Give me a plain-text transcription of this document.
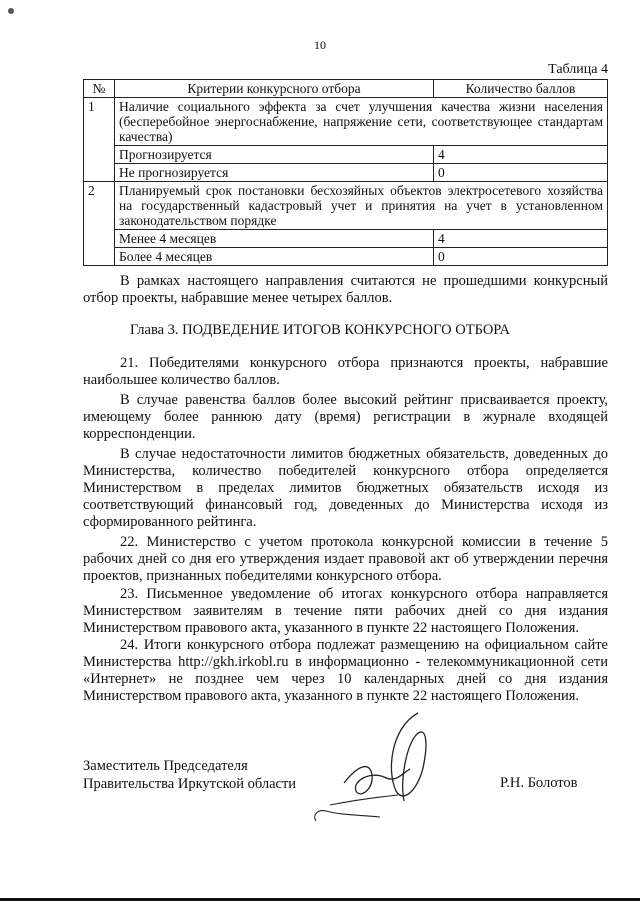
10
Таблица 4
№	Критерии конкурсного отбора	Количество баллов
1	Наличие социального эффекта за счет улучшения качества жизни населения (бесперебойное энергоснабжение, напряжение сети, соответствующее стандартам качества)	
	Прогнозируется	4
	Не прогнозируется	0
2	Планируемый срок постановки бесхозяйных объектов электросетевого хозяйства на государственный кадастровый учет и принятия на учет в установленном законодательством порядке	
	Менее 4 месяцев	4
	Более 4 месяцев	0

В рамках настоящего направления считаются не прошедшими конкурсный отбор проекты, набравшие менее четырех баллов.

Глава 3. ПОДВЕДЕНИЕ ИТОГОВ КОНКУРСНОГО ОТБОРА

21. Победителями конкурсного отбора признаются проекты, набравшие наибольшее количество баллов.

В случае равенства баллов более высокий рейтинг присваивается проекту, имеющему более раннюю дату (время) регистрации в журнале входящей корреспонденции.

В случае недостаточности лимитов бюджетных обязательств, доведенных до Министерства, количество победителей конкурсного отбора определяется Министерством в пределах лимитов бюджетных обязательств исходя из соответствующий финансовый год, доведенных до Министерства исходя из сформированного рейтинга.

22. Министерство с учетом протокола конкурсной комиссии в течение 5 рабочих дней со дня его утверждения издает правовой акт об утверждении перечня проектов, признанных победителями конкурсного отбора.

23. Письменное уведомление об итогах конкурсного отбора направляется Министерством заявителям в течение пяти рабочих дней со дня издания Министерством правового акта, указанного в пункте 22 настоящего Положения.

24. Итоги конкурсного отбора подлежат размещению на официальном сайте Министерства http://gkh.irkobl.ru в информационно - телекоммуникационной сети «Интернет» не позднее чем через 10 календарных дней со дня издания Министерством правового акта, указанного в пункте 22 настоящего Положения.

Заместитель Председателя
Правительства Иркутской области	Р.Н. Болотов
